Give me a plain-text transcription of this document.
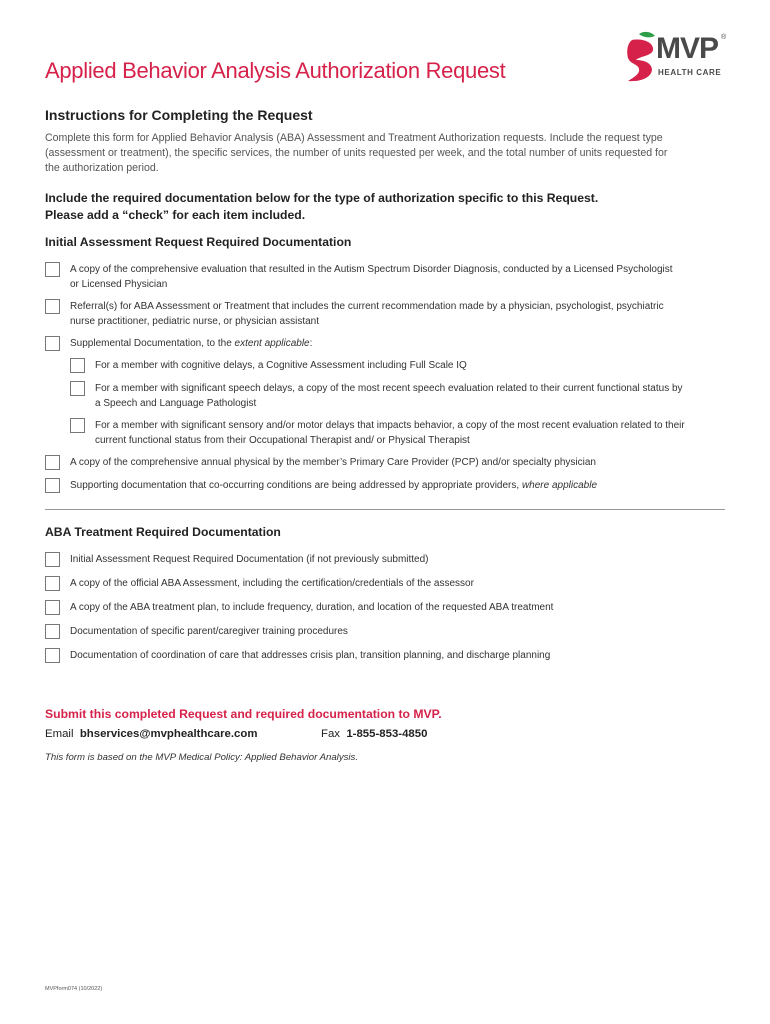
Applied Behavior Analysis Authorization Request
MVP ®
HEALTH CARE
Instructions for Completing the Request
Complete this form for Applied Behavior Analysis (ABA) Assessment and Treatment Authorization requests. Include the request type (assessment or treatment), the specific services, the number of units requested per week, and the total number of units requested for the authorization period.
Include the required documentation below for the type of authorization specific to this Request.
Please add a “check” for each item included.
Initial Assessment Request Required Documentation
A copy of the comprehensive evaluation that resulted in the Autism Spectrum Disorder Diagnosis, conducted by a Licensed Psychologist or Licensed Physician
Referral(s) for ABA Assessment or Treatment that includes the current recommendation made by a physician, psychologist, psychiatric nurse practitioner, pediatric nurse, or physician assistant
Supplemental Documentation, to the extent applicable:
For a member with cognitive delays, a Cognitive Assessment including Full Scale IQ
For a member with significant speech delays, a copy of the most recent speech evaluation related to their current functional status by a Speech and Language Pathologist
For a member with significant sensory and/or motor delays that impacts behavior, a copy of the most recent evaluation related to their current functional status from their Occupational Therapist and/ or Physical Therapist
A copy of the comprehensive annual physical by the member’s Primary Care Provider (PCP) and/or specialty physician
Supporting documentation that co-occurring conditions are being addressed by appropriate providers, where applicable
ABA Treatment Required Documentation
Initial Assessment Request Required Documentation (if not previously submitted)
A copy of the official ABA Assessment, including the certification/credentials of the assessor
A copy of the ABA treatment plan, to include frequency, duration, and location of the requested ABA treatment
Documentation of specific parent/caregiver training procedures
Documentation of coordination of care that addresses crisis plan, transition planning, and discharge planning
Submit this completed Request and required documentation to MVP.
Email bhservices@mvphealthcare.com	Fax 1-855-853-4850
This form is based on the MVP Medical Policy: Applied Behavior Analysis.
MVPform074 (10/2022)
